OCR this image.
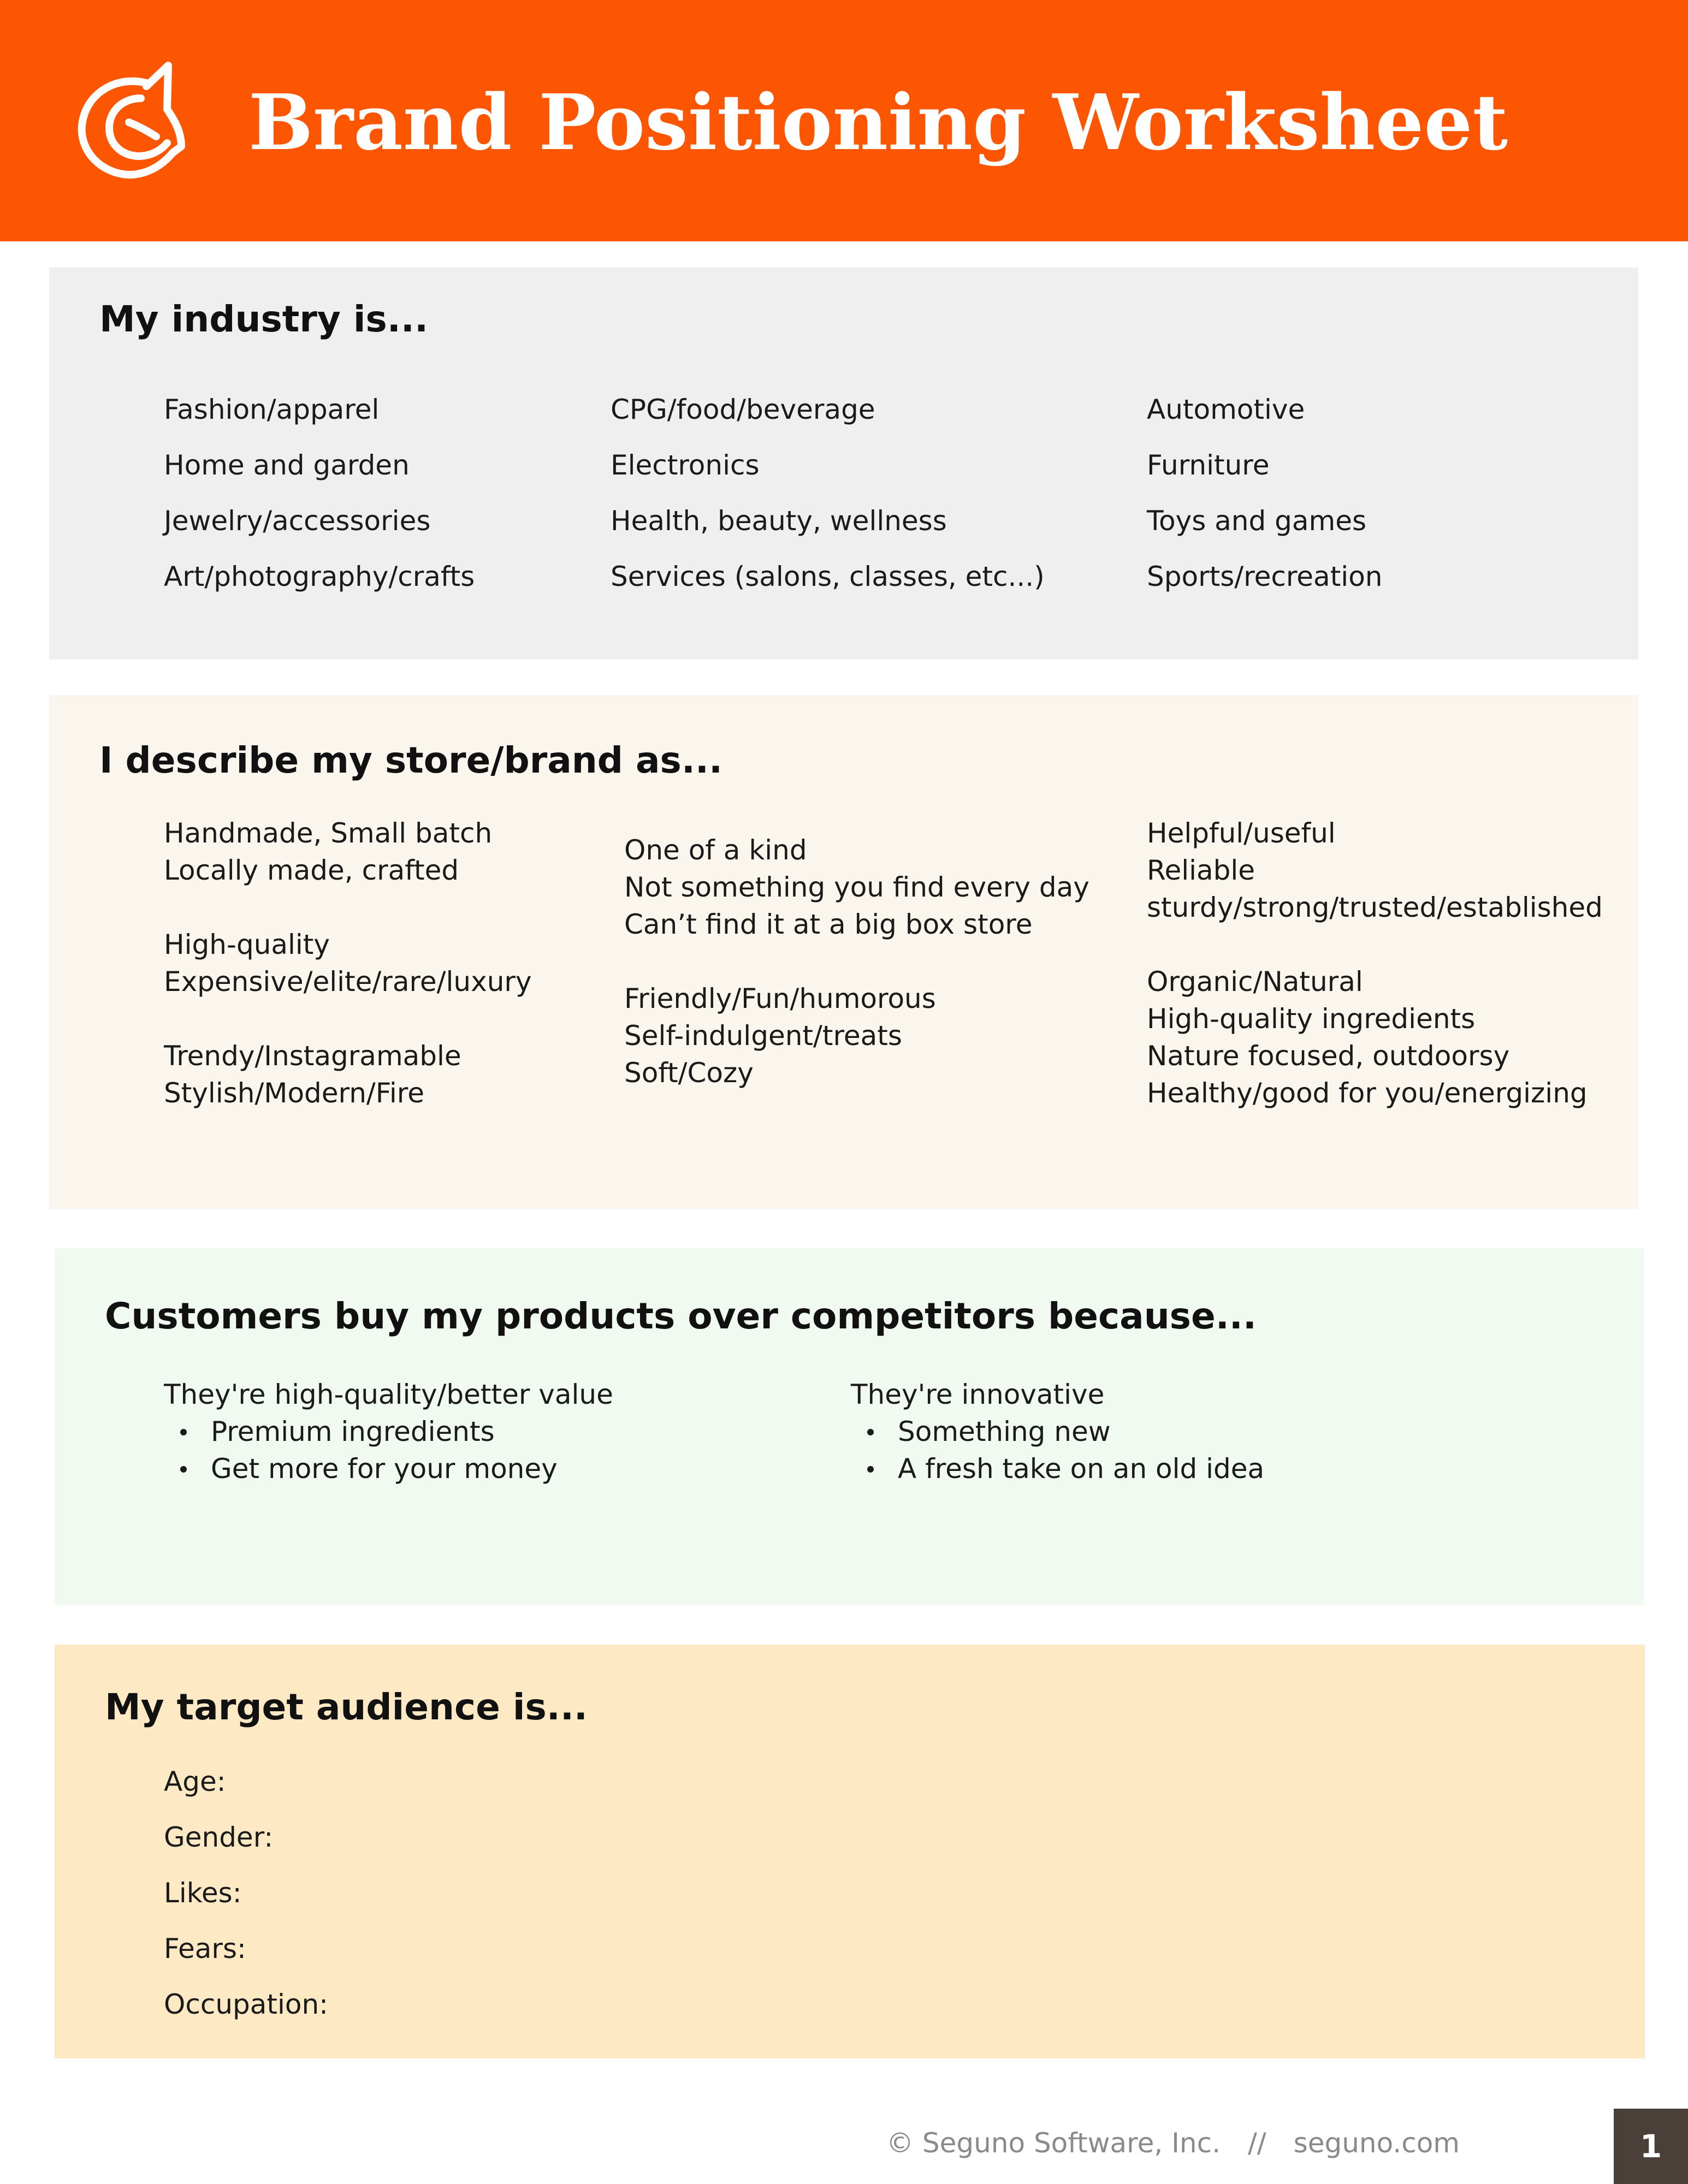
Brand Positioning Worksheet
My industry is...
Fashion/apparel
Home and garden
Jewelry/accessories
Art/photography/crafts
CPG/food/beverage
Electronics
Health, beauty, wellness
Services (salons, classes, etc...)
Automotive
Furniture
Toys and games
Sports/recreation
I describe my store/brand as...
Handmade, Small batch
Locally made, crafted
High-quality
Expensive/elite/rare/luxury
Trendy/Instagramable
Stylish/Modern/Fire
One of a kind
Not something you find every day
Can’t find it at a big box store
Friendly/Fun/humorous
Self-indulgent/treats
Soft/Cozy
Helpful/useful
Reliable
sturdy/strong/trusted/established
Organic/Natural
High-quality ingredients
Nature focused, outdoorsy
Healthy/good for you/energizing
Customers buy my products over competitors because...
They're high-quality/better value
Premium ingredients
Get more for your money
They're innovative
Something new
A fresh take on an old idea
My target audience is...
Age:
Gender:
Likes:
Fears:
Occupation:
© Seguno Software, Inc. // seguno.com	1
